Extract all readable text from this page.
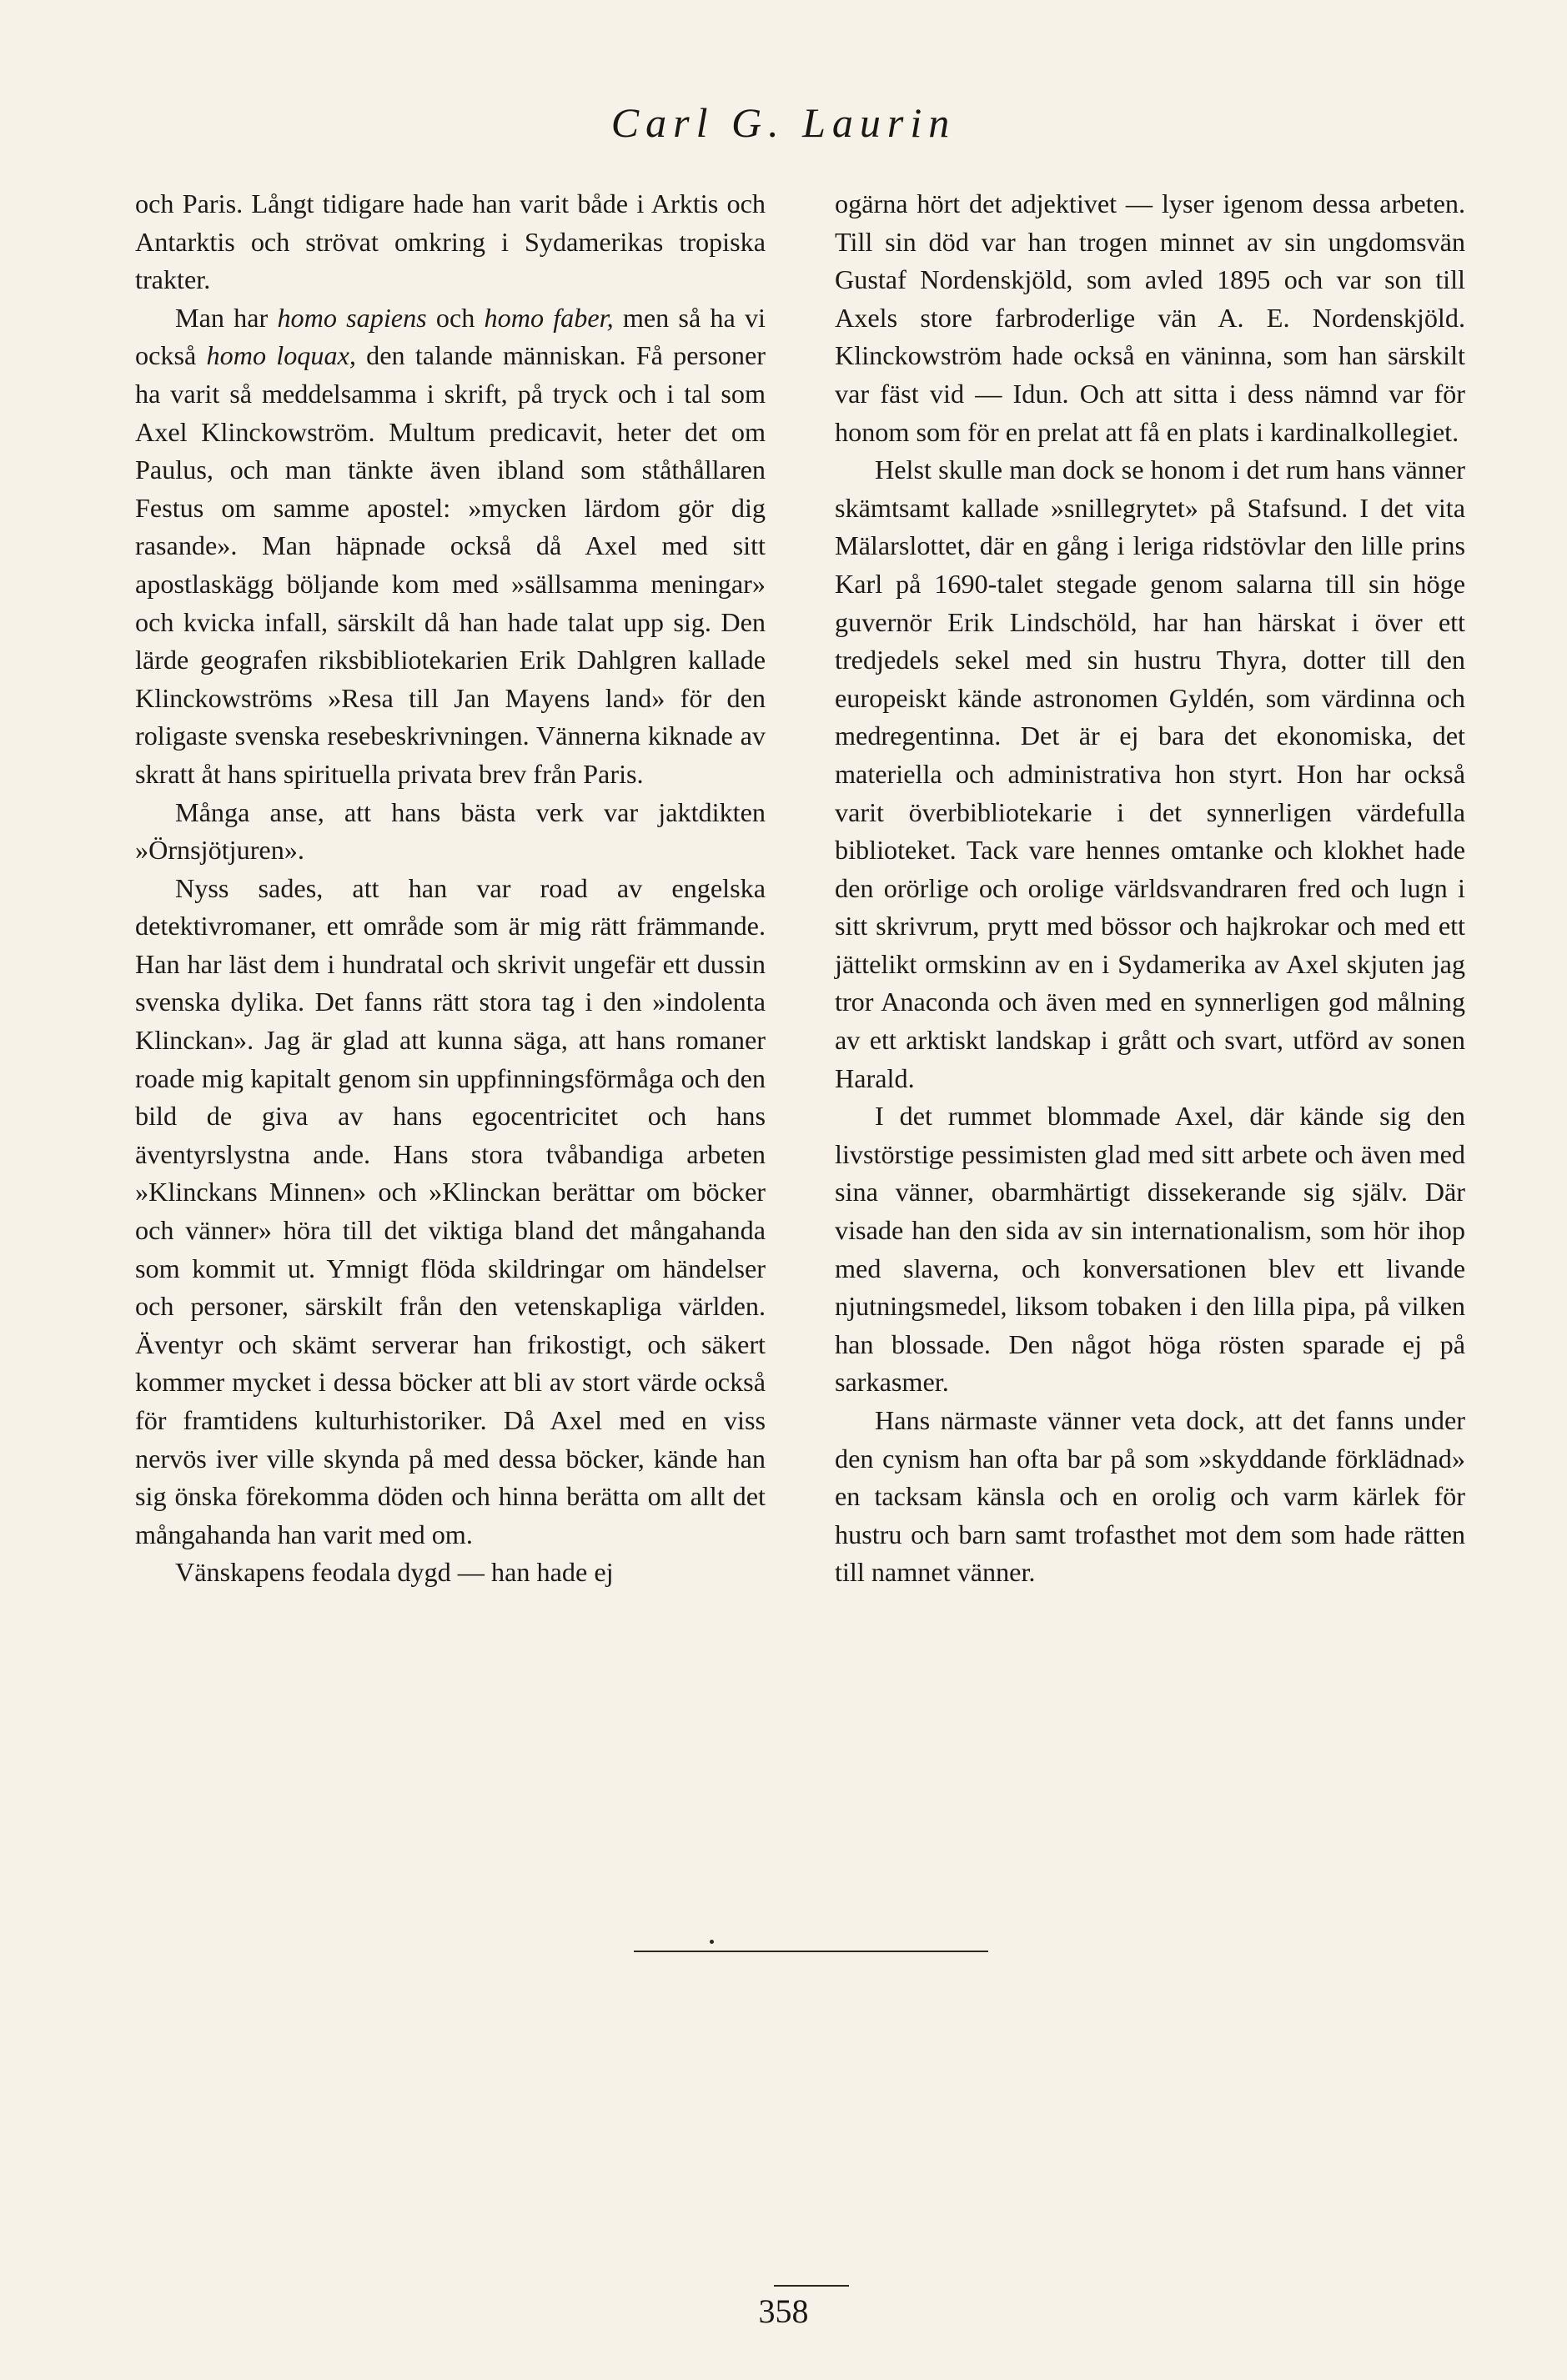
Carl G. Laurin

och Paris. Långt tidigare hade han varit både i Arktis och Antarktis och strövat omkring i Sydamerikas tropiska trakter.

Man har homo sapiens och homo faber, men så ha vi också homo loquax, den talande människan. Få personer ha varit så meddelsamma i skrift, på tryck och i tal som Axel Klinckowström. Multum predicavit, heter det om Paulus, och man tänkte även ibland som ståthållaren Festus om samme apostel: »mycken lärdom gör dig rasande». Man häpnade också då Axel med sitt apostlaskägg böljande kom med »sällsamma meningar» och kvicka infall, särskilt då han hade talat upp sig. Den lärde geografen riksbibliotekarien Erik Dahlgren kallade Klinckowströms »Resa till Jan Mayens land» för den roligaste svenska resebeskrivningen. Vännerna kiknade av skratt åt hans spirituella privata brev från Paris.

Många anse, att hans bästa verk var jaktdikten »Örnsjötjuren».

Nyss sades, att han var road av engelska detektivromaner, ett område som är mig rätt främmande. Han har läst dem i hundratal och skrivit ungefär ett dussin svenska dylika. Det fanns rätt stora tag i den »indolenta Klinckan». Jag är glad att kunna säga, att hans romaner roade mig kapitalt genom sin uppfinningsförmåga och den bild de giva av hans egocentricitet och hans äventyrslystna ande. Hans stora tvåbandiga arbeten »Klinckans Minnen» och »Klinckan berättar om böcker och vänner» höra till det viktiga bland det mångahanda som kommit ut. Ymnigt flöda skildringar om händelser och personer, särskilt från den vetenskapliga världen. Äventyr och skämt serverar han frikostigt, och säkert kommer mycket i dessa böcker att bli av stort värde också för framtidens kulturhistoriker. Då Axel med en viss nervös iver ville skynda på med dessa böcker, kände han sig önska förekomma döden och hinna berätta om allt det mångahanda han varit med om.

Vänskapens feodala dygd — han hade ej

ogärna hört det adjektivet — lyser igenom dessa arbeten. Till sin död var han trogen minnet av sin ungdomsvän Gustaf Nordenskjöld, som avled 1895 och var son till Axels store farbroderlige vän A. E. Nordenskjöld. Klinckowström hade också en väninna, som han särskilt var fäst vid — Idun. Och att sitta i dess nämnd var för honom som för en prelat att få en plats i kardinalkollegiet.

Helst skulle man dock se honom i det rum hans vänner skämtsamt kallade »snillegrytet» på Stafsund. I det vita Mälarslottet, där en gång i leriga ridstövlar den lille prins Karl på 1690-talet stegade genom salarna till sin höge guvernör Erik Lindschöld, har han härskat i över ett tredjedels sekel med sin hustru Thyra, dotter till den europeiskt kände astronomen Gyldén, som värdinna och medregentinna. Det är ej bara det ekonomiska, det materiella och administrativa hon styrt. Hon har också varit överbibliotekarie i det synnerligen värdefulla biblioteket. Tack vare hennes omtanke och klokhet hade den orörlige och orolige världsvandraren fred och lugn i sitt skrivrum, prytt med bössor och hajkrokar och med ett jättelikt ormskinn av en i Sydamerika av Axel skjuten jag tror Anaconda och även med en synnerligen god målning av ett arktiskt landskap i grått och svart, utförd av sonen Harald.

I det rummet blommade Axel, där kände sig den livstörstige pessimisten glad med sitt arbete och även med sina vänner, obarmhärtigt dissekerande sig själv. Där visade han den sida av sin internationalism, som hör ihop med slaverna, och konversationen blev ett livande njutningsmedel, liksom tobaken i den lilla pipa, på vilken han blossade. Den något höga rösten sparade ej på sarkasmer.

Hans närmaste vänner veta dock, att det fanns under den cynism han ofta bar på som »skyddande förklädnad» en tacksam känsla och en orolig och varm kärlek för hustru och barn samt trofasthet mot dem som hade rätten till namnet vänner.

358
